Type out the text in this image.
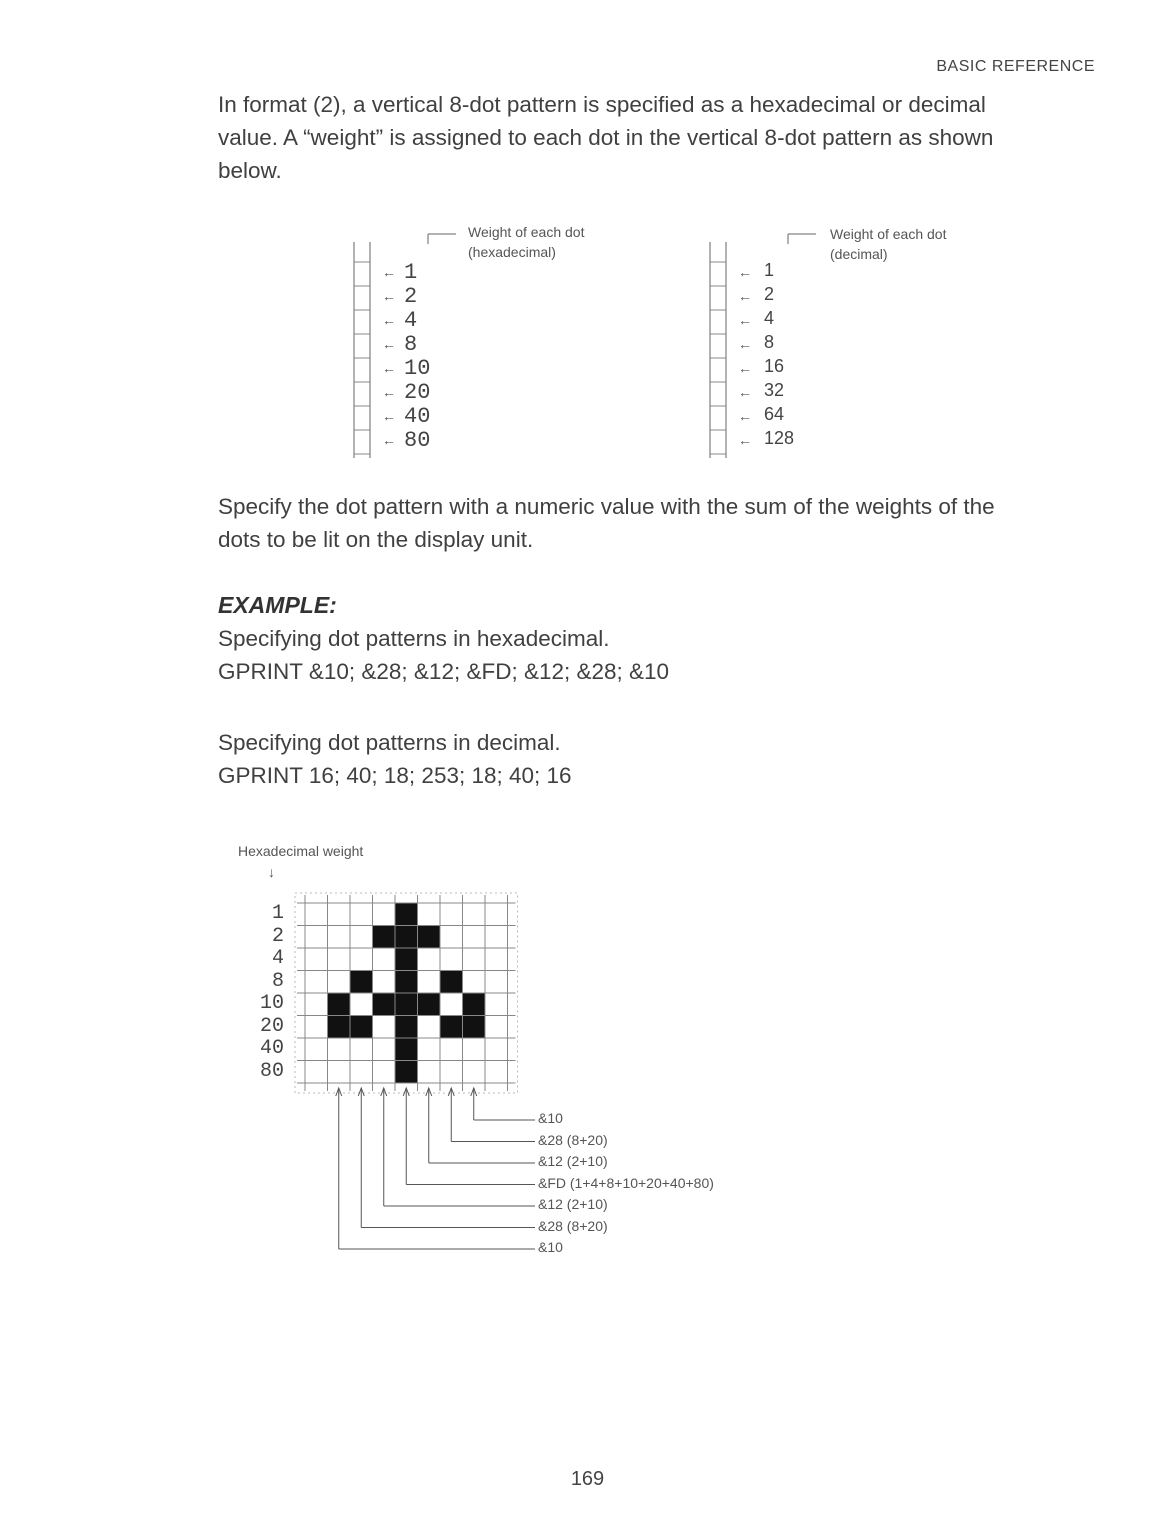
BASIC REFERENCE
In format (2), a vertical 8-dot pattern is specified as a hexadecimal or decimal
value. A “weight” is assigned to each dot in the vertical 8-dot pattern as shown
below.
Weight of each dot
(hexadecimal)
← 1
← 2
← 4
← 8
← 10
← 20
← 40
← 80
Weight of each dot
(decimal)
← 1
← 2
← 4
← 8
← 16
← 32
← 64
← 128
Specify the dot pattern with a numeric value with the sum of the weights of the
dots to be lit on the display unit.
EXAMPLE:
Specifying dot patterns in hexadecimal.
GPRINT &10; &28; &12; &FD; &12; &28; &10
Specifying dot patterns in decimal.
GPRINT 16; 40; 18; 253; 18; 40; 16
Hexadecimal weight
↓
1
2
4
8
10
20
40
80
&10
&28 (8+20)
&12 (2+10)
&FD (1+4+8+10+20+40+80)
&12 (2+10)
&28 (8+20)
&10
169
